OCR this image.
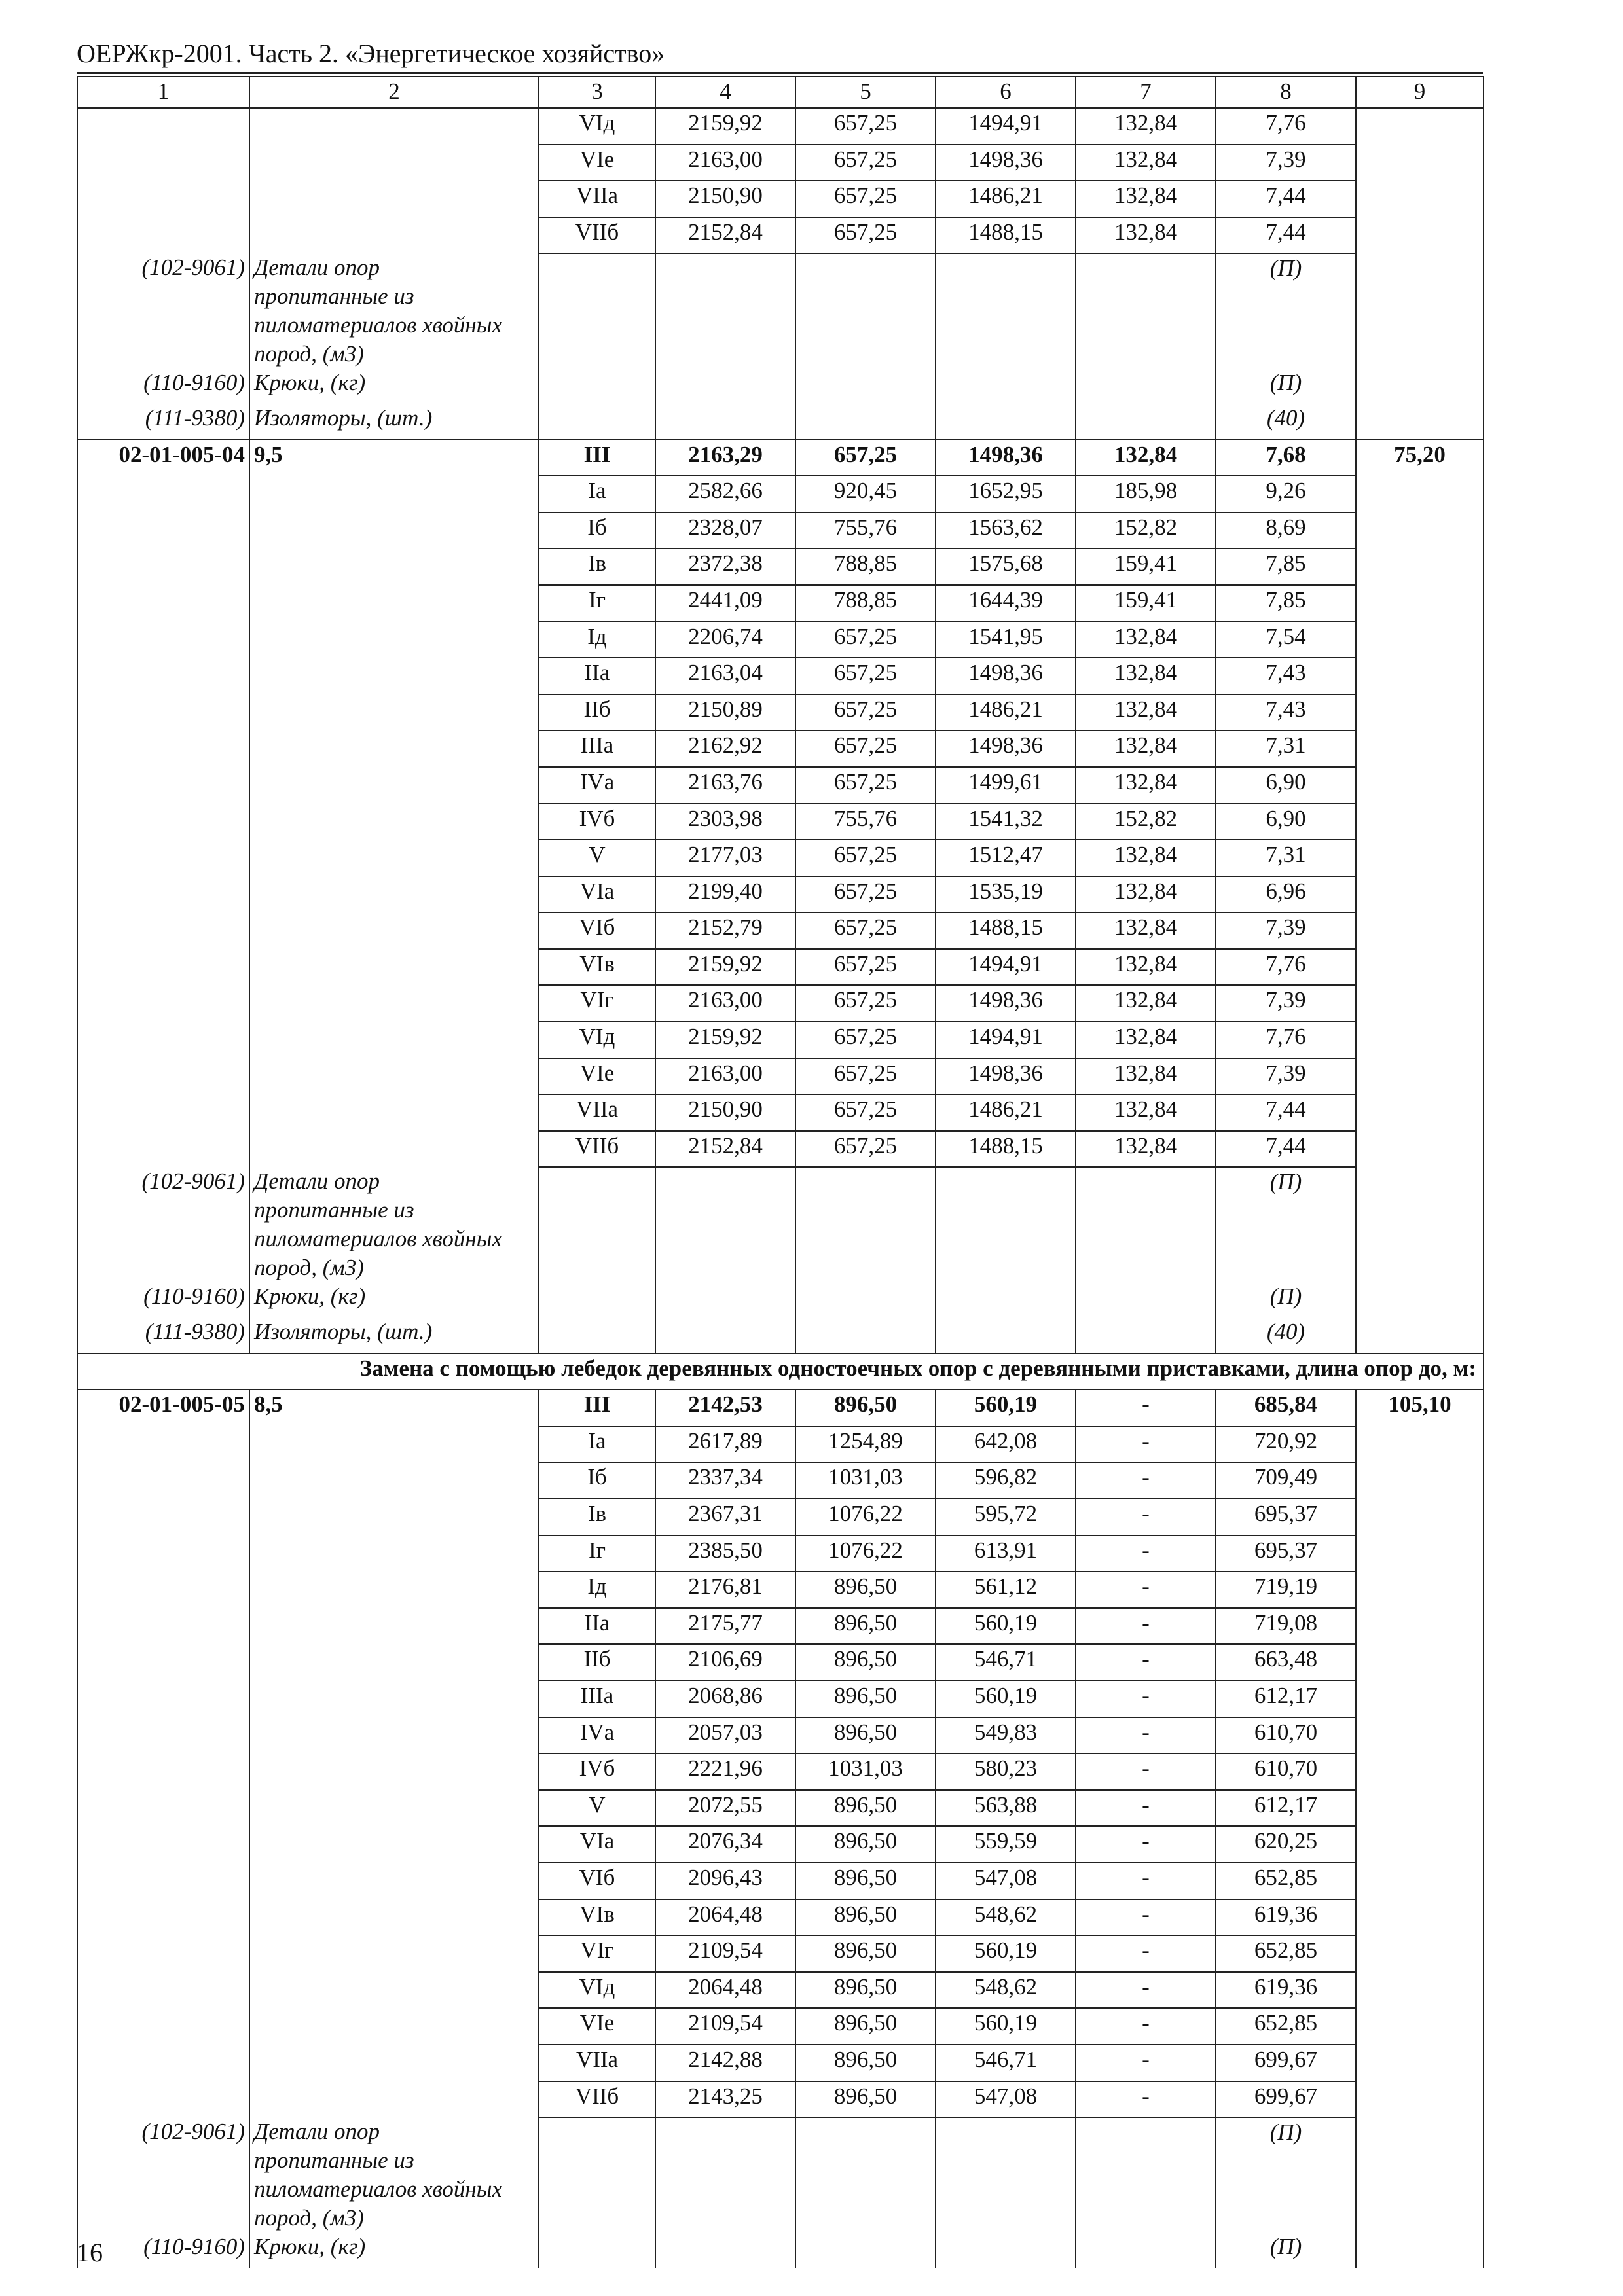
ОЕРЖкр-2001. Часть 2. «Энергетическое хозяйство»
1	2	3	4	5	6	7	8	9
		VIд	2159,92	657,25	1494,91	132,84	7,76	
		VIе	2163,00	657,25	1498,36	132,84	7,39	
		VIIа	2150,90	657,25	1486,21	132,84	7,44	
		VIIб	2152,84	657,25	1488,15	132,84	7,44	
(102-9061)	Детали опор
пропитанные из
пиломатериалов хвойных
пород, (м3)						(П)	
(110-9160)	Крюки, (кг)						(П)	
(111-9380)	Изоляторы, (шт.)						(40)	
02-01-005-04	9,5	III	2163,29	657,25	1498,36	132,84	7,68	75,20
		Iа	2582,66	920,45	1652,95	185,98	9,26	
		Iб	2328,07	755,76	1563,62	152,82	8,69	
		Iв	2372,38	788,85	1575,68	159,41	7,85	
		Iг	2441,09	788,85	1644,39	159,41	7,85	
		Iд	2206,74	657,25	1541,95	132,84	7,54	
		IIа	2163,04	657,25	1498,36	132,84	7,43	
		IIб	2150,89	657,25	1486,21	132,84	7,43	
		IIIа	2162,92	657,25	1498,36	132,84	7,31	
		IVа	2163,76	657,25	1499,61	132,84	6,90	
		IVб	2303,98	755,76	1541,32	152,82	6,90	
		V	2177,03	657,25	1512,47	132,84	7,31	
		VIа	2199,40	657,25	1535,19	132,84	6,96	
		VIб	2152,79	657,25	1488,15	132,84	7,39	
		VIв	2159,92	657,25	1494,91	132,84	7,76	
		VIг	2163,00	657,25	1498,36	132,84	7,39	
		VIд	2159,92	657,25	1494,91	132,84	7,76	
		VIе	2163,00	657,25	1498,36	132,84	7,39	
		VIIа	2150,90	657,25	1486,21	132,84	7,44	
		VIIб	2152,84	657,25	1488,15	132,84	7,44	
(102-9061)	Детали опор
пропитанные из
пиломатериалов хвойных
пород, (м3)						(П)	
(110-9160)	Крюки, (кг)						(П)	
(111-9380)	Изоляторы, (шт.)						(40)	
	Замена с помощью лебедок деревянных одностоечных опор с деревянными приставками, длина опор до, м:							
02-01-005-05	8,5	III	2142,53	896,50	560,19	-	685,84	105,10
		Iа	2617,89	1254,89	642,08	-	720,92	
		Iб	2337,34	1031,03	596,82	-	709,49	
		Iв	2367,31	1076,22	595,72	-	695,37	
		Iг	2385,50	1076,22	613,91	-	695,37	
		Iд	2176,81	896,50	561,12	-	719,19	
		IIа	2175,77	896,50	560,19	-	719,08	
		IIб	2106,69	896,50	546,71	-	663,48	
		IIIа	2068,86	896,50	560,19	-	612,17	
		IVа	2057,03	896,50	549,83	-	610,70	
		IVб	2221,96	1031,03	580,23	-	610,70	
		V	2072,55	896,50	563,88	-	612,17	
		VIа	2076,34	896,50	559,59	-	620,25	
		VIб	2096,43	896,50	547,08	-	652,85	
		VIв	2064,48	896,50	548,62	-	619,36	
		VIг	2109,54	896,50	560,19	-	652,85	
		VIд	2064,48	896,50	548,62	-	619,36	
		VIе	2109,54	896,50	560,19	-	652,85	
		VIIа	2142,88	896,50	546,71	-	699,67	
		VIIб	2143,25	896,50	547,08	-	699,67	
(102-9061)	Детали опор
пропитанные из
пиломатериалов хвойных
пород, (м3)						(П)	
(110-9160)	Крюки, (кг)						(П)	
16
